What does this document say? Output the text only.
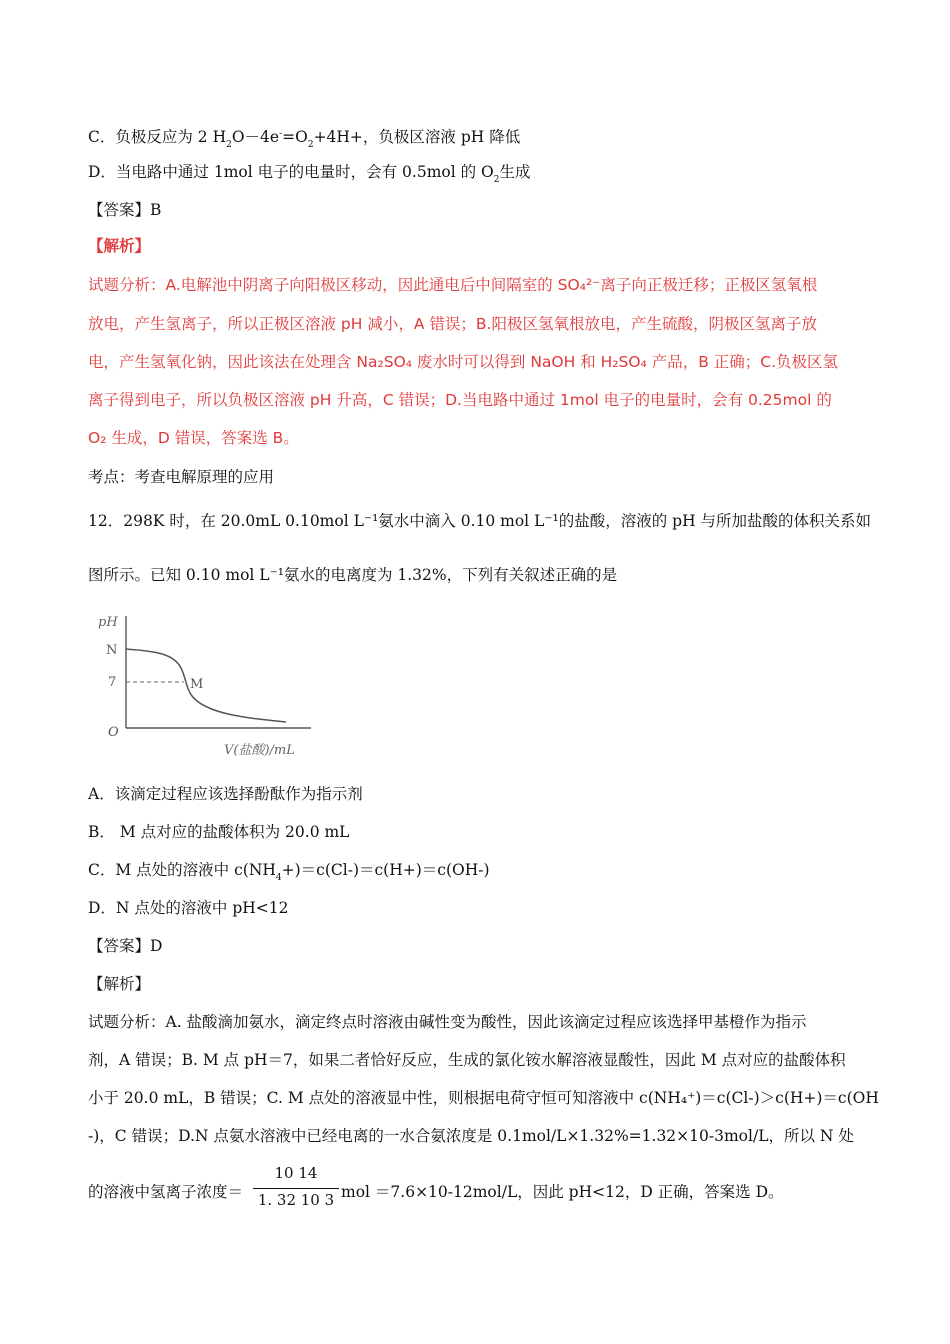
C．负极反应为 2 $H_2O-4e^-=O_2+4H+$，负极区溶液 pH 降低
D．当电路中通过 1mol 电子的电量时，会有 0.5mol 的 $O_2$生成
【答案】B
【解析】
试题分析：A.电解池中阴离子向阳极区移动，因此通电后中间隔室的 SO₄²⁻离子向正极迁移；正极区氢氧根
放电，产生氢离子，所以正极区溶液 pH 减小，A 错误；B.阳极区氢氧根放电，产生硫酸，阴极区氢离子放
电，产生氢氧化钠，因此该法在处理含 Na₂SO₄ 废水时可以得到 NaOH 和 H₂SO₄ 产品，B 正确；C.负极区氢
离子得到电子，所以负极区溶液 pH 升高，C 错误；D.当电路中通过 1mol 电子的电量时，会有 0.25mol 的
O₂ 生成，D 错误，答案选 B。
考点：考查电解原理的应用
12．298K 时，在 20.0mL 0.10mol L⁻¹氨水中滴入 0.10 mol L⁻¹的盐酸，溶液的 pH 与所加盐酸的体积关系如
图所示。已知 0.10 mol L⁻¹氨水的电离度为 1.32%，下列有关叙述正确的是
pH
N
7	M
O
V(盐酸)/mL
A．该滴定过程应该选择酚酞作为指示剂
B． M 点对应的盐酸体积为 20.0 mL
C．M 点处的溶液中 $c(NH_4+)=c(Cl-)=c(H+)=c(OH-)$
D．N 点处的溶液中 pH<12
【答案】D
【解析】
试题分析：A. 盐酸滴加氨水，滴定终点时溶液由碱性变为酸性，因此该滴定过程应该选择甲基橙作为指示
剂，A 错误；B. M 点 pH＝7，如果二者恰好反应，生成的氯化铵水解溶液显酸性，因此 M 点对应的盐酸体积
小于 20.0 mL，B 错误；C. M 点处的溶液显中性，则根据电荷守恒可知溶液中 c(NH₄⁺)＝c(Cl-)＞c(H+)＝c(OH
-)，C 错误；D.N 点氨水溶液中已经电离的一水合氨浓度是 0.1mol/L×1.32%=1.32×10-3mol/L，所以 N 处
的溶液中氢离子浓度＝
10 14
1. 32 10 3 mol ＝7.6×10-12mol/L，因此 pH<12，D 正确，答案选 D。
